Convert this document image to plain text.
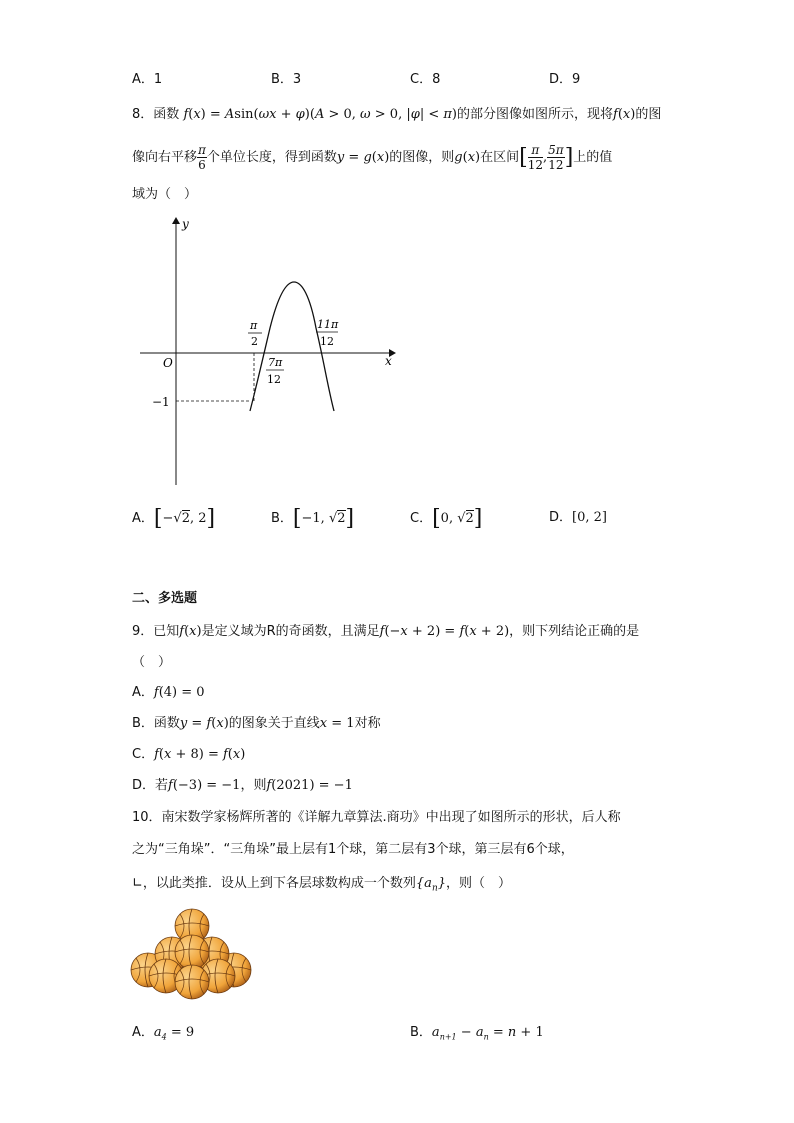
A．1	B．3	C．8	D．9
8．函数 f(x) = Asin(ωx + φ)(A > 0, ω > 0, |φ| < π)的部分图像如图所示，现将f(x)的图
像向右平移 $\frac{\pi}{6}$ 个单位长度，得到函数y = g(x)的图像，则g(x)在区间[ $\frac{\pi}{12}$ , $\frac{5\pi}{12}$ ]上的值
域为（　）
y
x
O
−1
π
2
7π
12
11π
12
A．[−√2, 2]	B．[−1, √2]	C．[0, √2]	D．[0, 2]
二、多选题
9．已知f(x)是定义域为R的奇函数，且满足f(−x + 2) = f(x + 2)，则下列结论正确的是
（　）
A．f(4) = 0
B．函数y = f(x)的图象关于直线x = 1对称
C．f(x + 8) = f(x)
D．若f(−3) = −1，则f(2021) = −1
10．南宋数学家杨辉所著的《详解九章算法.商功》中出现了如图所示的形状，后人称
之为“三角垛”．“三角垛”最上层有1个球，第二层有3个球，第三层有6个球，
∟，以此类推．设从上到下各层球数构成一个数列$\{a_n\}$，则（　）
A．$a_4 = 9$	B．$a_{n+1} - a_n = n + 1$
